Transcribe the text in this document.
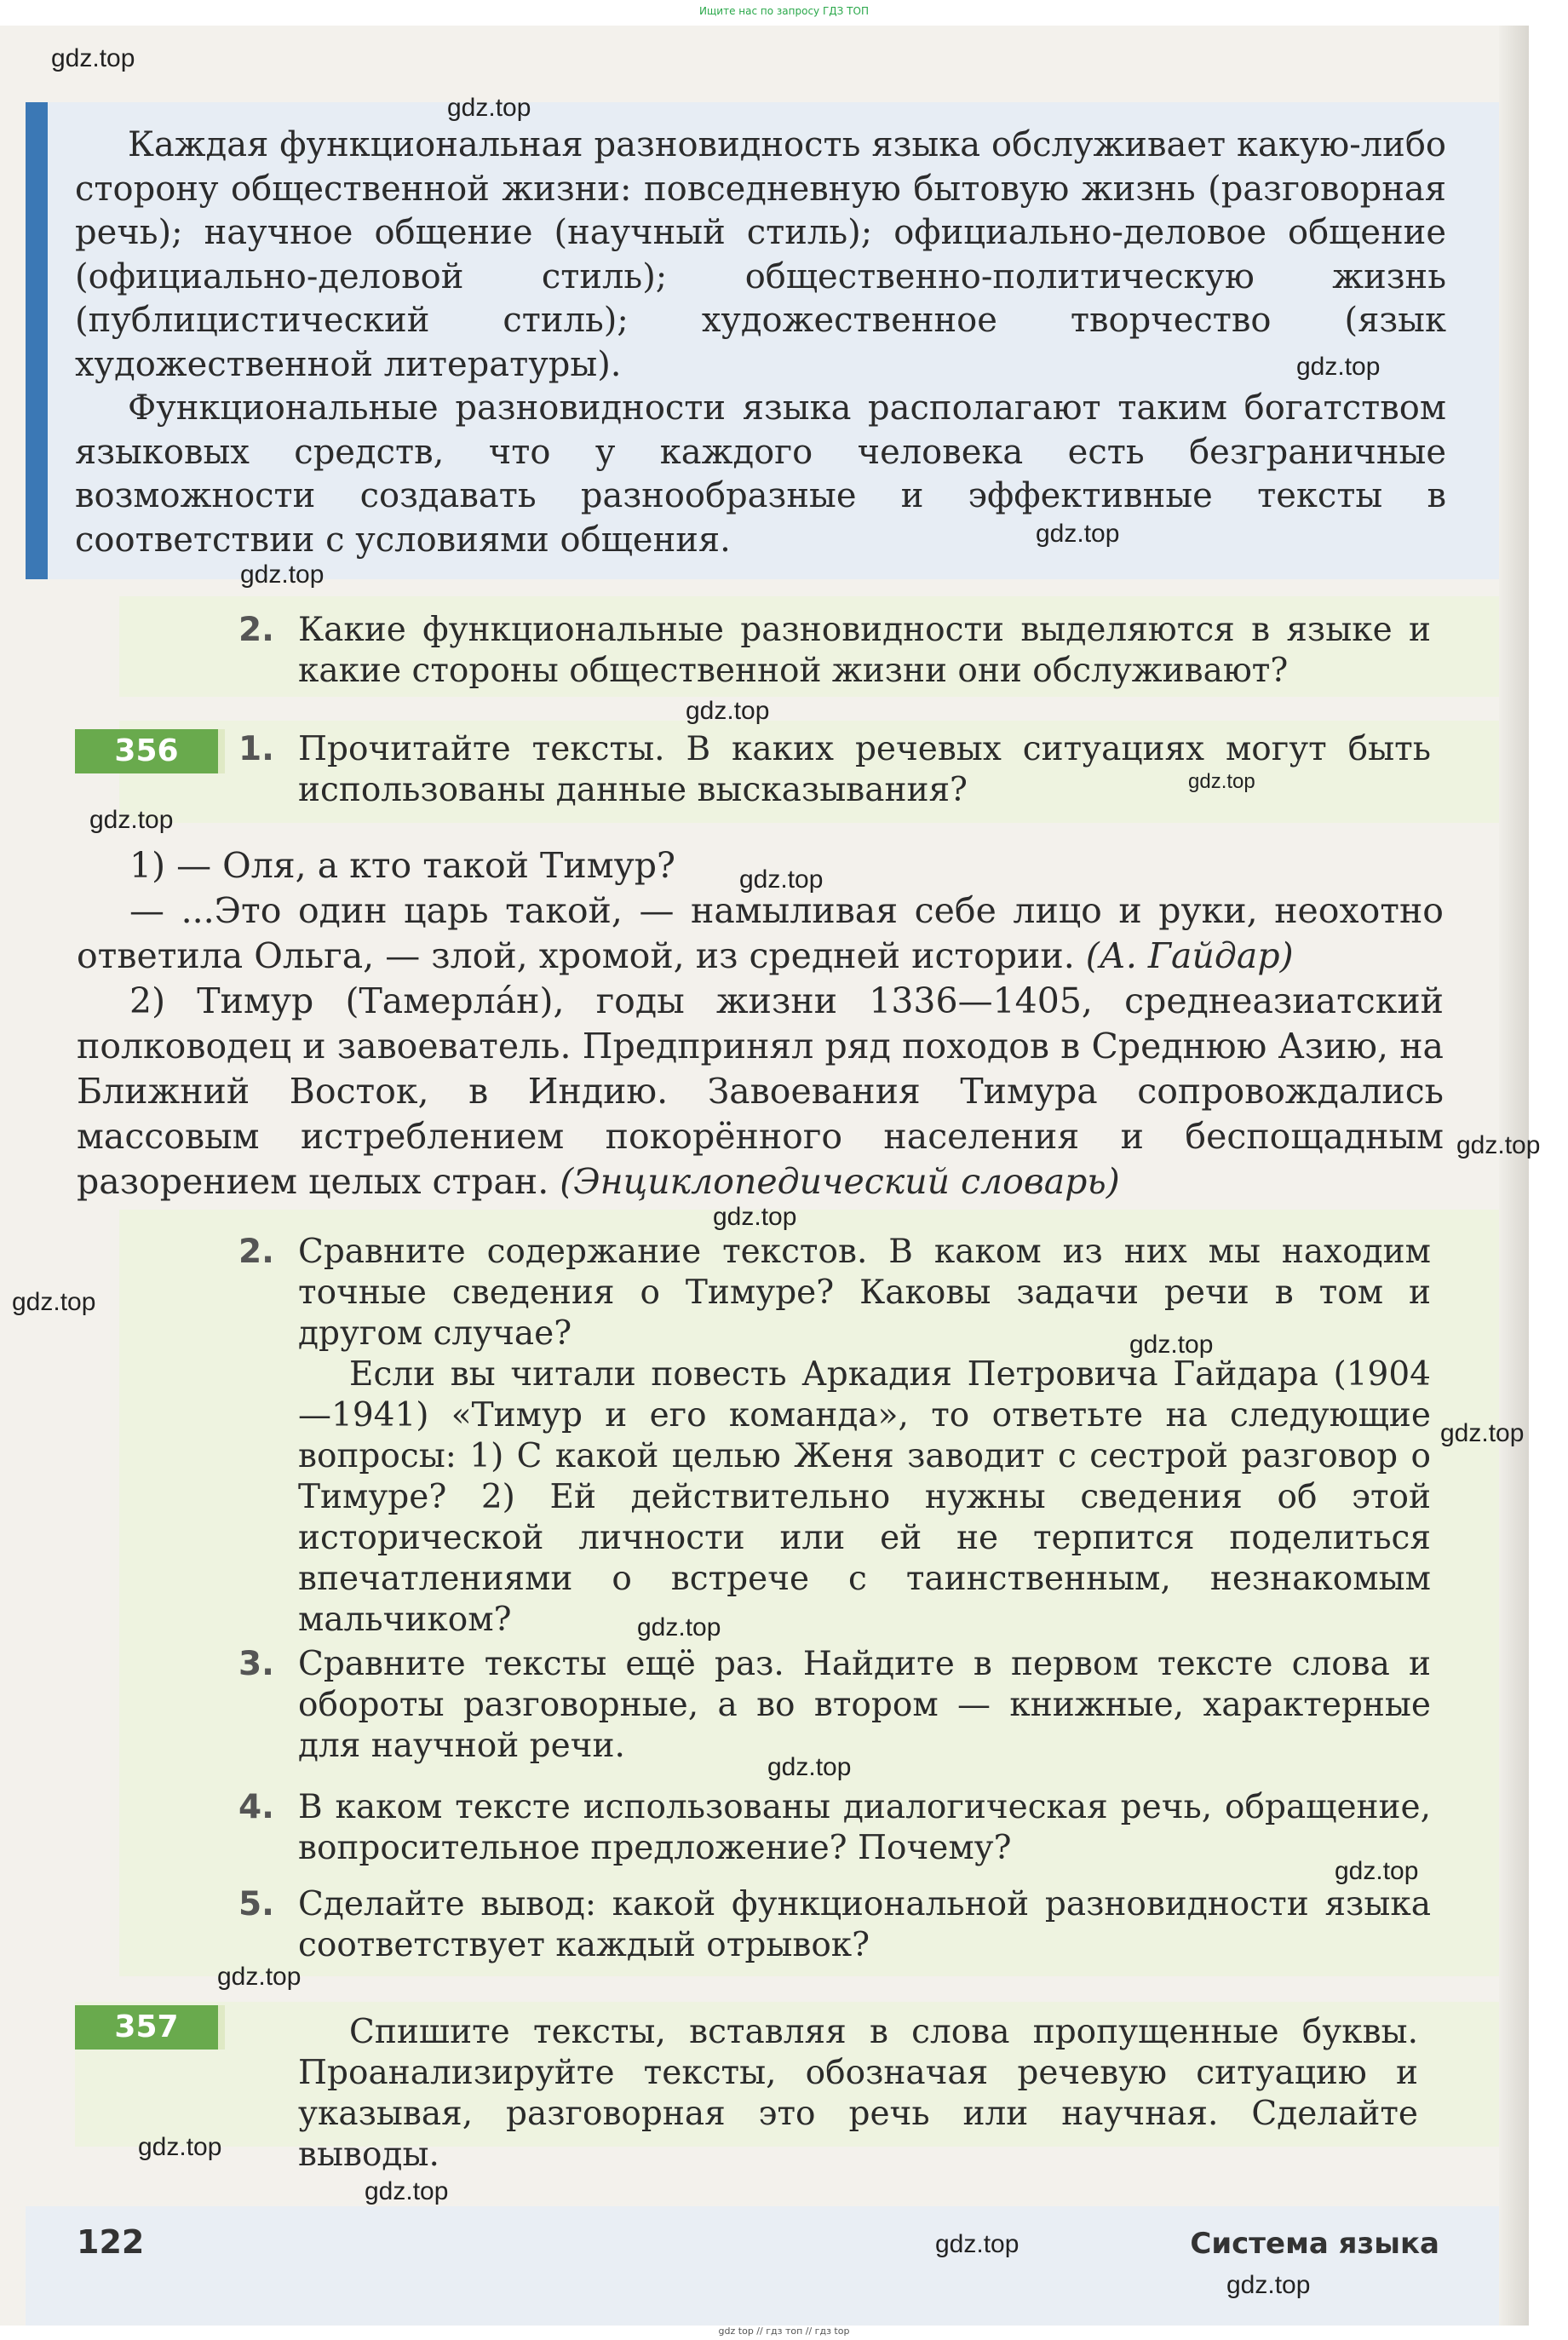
Ищите нас по запросу ГДЗ ТОП

Каждая функциональная разновидность языка обслуживает какую-либо сторону общественной жизни: повседневную бытовую жизнь (разговорная речь); научное общение (научный стиль); официально-деловое общение (официально-деловой стиль); общественно-политическую жизнь (публицистический стиль); художественное творчество (язык художественной литературы).

Функциональные разновидности языка располагают таким богатством языковых средств, что у каждого человека есть безграничные возможности создавать разнообразные и эффективные тексты в соответствии с условиями общения.

2. Какие функциональные разновидности выделяются в языке и какие стороны общественной жизни они обслуживают?

356	1. Прочитайте тексты. В каких речевых ситуациях могут быть использованы данные высказывания?

1) — Оля, а кто такой Тимур?

— ...Это один царь такой, — намыливая себе лицо и руки, неохотно ответила Ольга, — злой, хромой, из средней истории. (А. Гайдар)

2) Тимур (Тамерла́н), годы жизни 1336—1405, среднеазиатский полководец и завоеватель. Предпринял ряд походов в Среднюю Азию, на Ближний Восток, в Индию. Завоевания Тимура сопровождались массовым истреблением покорённого населения и беспощадным разорением целых стран. (Энциклопедический словарь)

2. Сравните содержание текстов. В каком из них мы находим точные сведения о Тимуре? Каковы задачи речи в том и другом случае?

Если вы читали повесть Аркадия Петровича Гайдара (1904—1941) «Тимур и его команда», то ответьте на следующие вопросы: 1) С какой целью Женя заводит с сестрой разговор о Тимуре? 2) Ей действительно нужны сведения об этой исторической личности или ей не терпится поделиться впечатлениями о встрече с таинственным, незнакомым мальчиком?

3. Сравните тексты ещё раз. Найдите в первом тексте слова и обороты разговорные, а во втором — книжные, характерные для научной речи.

4. В каком тексте использованы диалогическая речь, обращение, вопросительное предложение? Почему?

5. Сделайте вывод: какой функциональной разновидности языка соответствует каждый отрывок?

357	Спишите тексты, вставляя в слова пропущенные буквы. Проанализируйте тексты, обозначая речевую ситуацию и указывая, разговорная это речь или научная. Сделайте выводы.

122	Система языка
gdz.top
gdz.top
gdz.top
gdz.top
gdz.top
gdz.top
gdz.top
gdz.top
gdz.top
gdz.top
gdz.top
gdz.top
gdz.top
gdz.top
gdz.top
gdz.top
gdz.top
gdz.top
gdz.top
gdz.top
gdz.top
gdz.top
gdz top // гдз топ // гдз top
